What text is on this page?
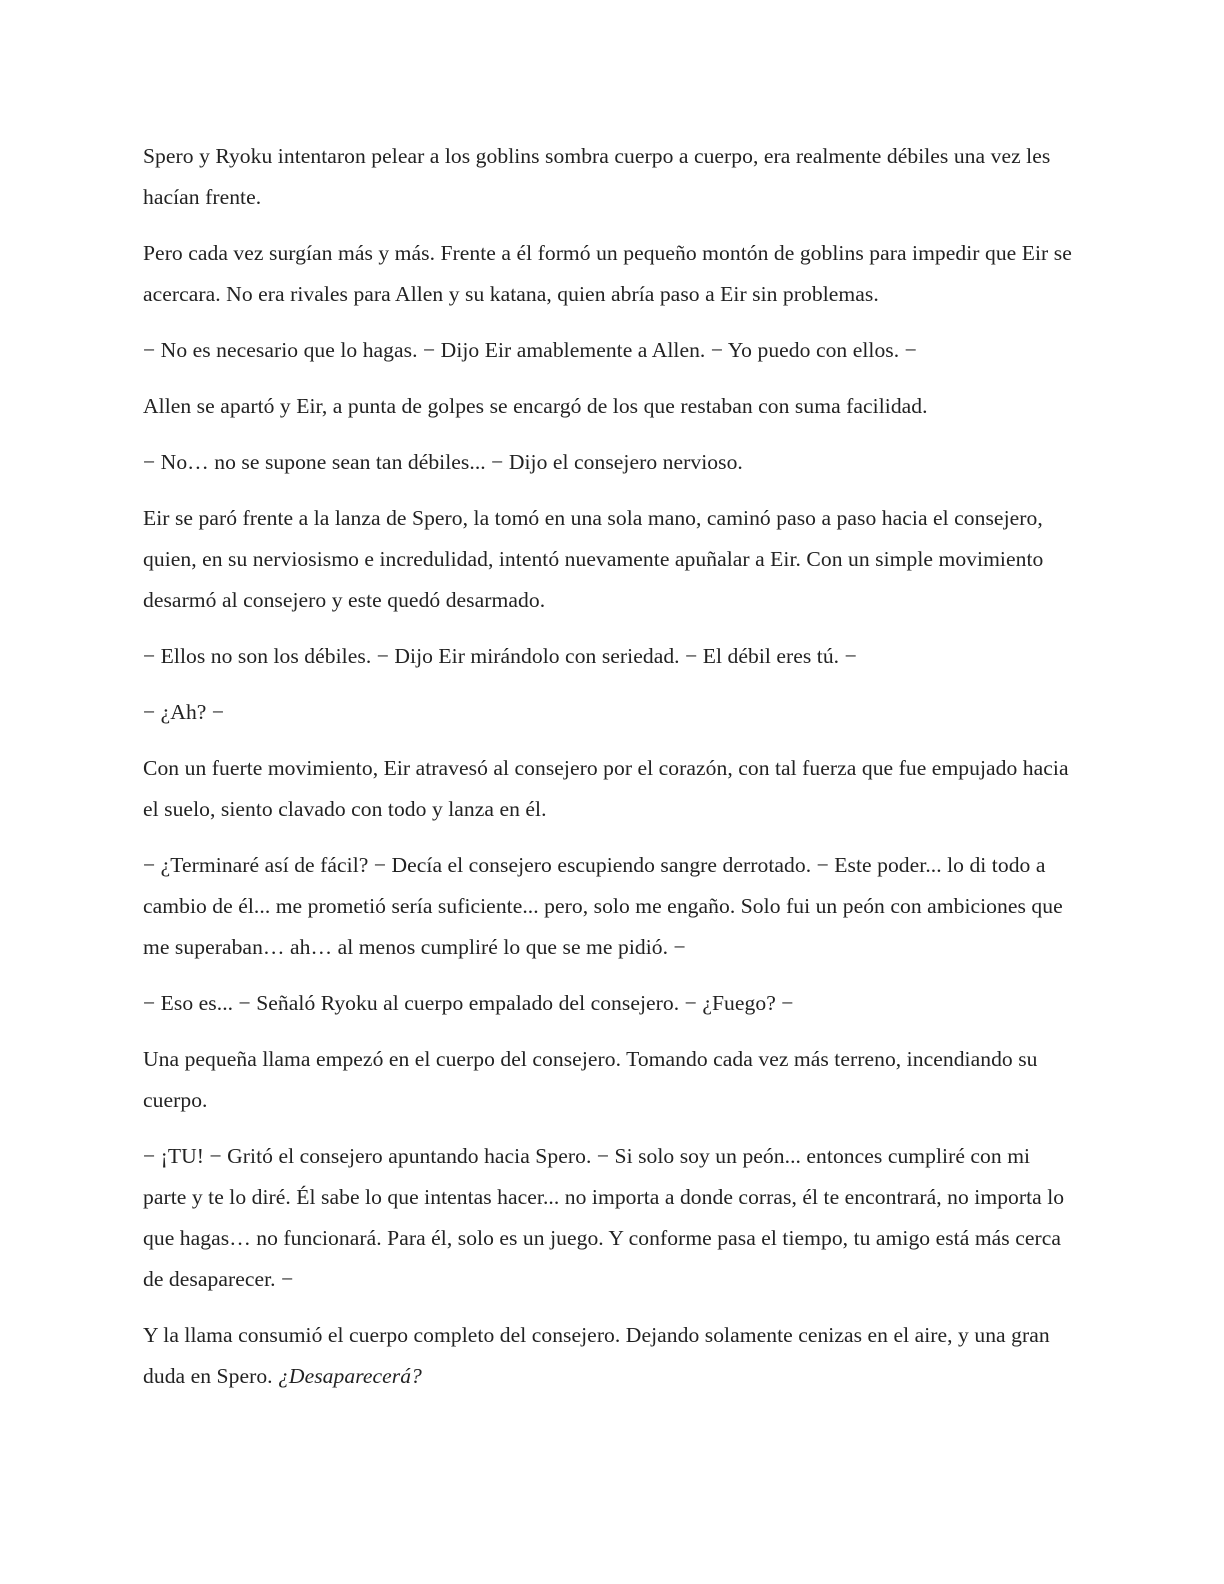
Spero y Ryoku intentaron pelear a los goblins sombra cuerpo a cuerpo, era realmente débiles una vez les hacían frente.

Pero cada vez surgían más y más. Frente a él formó un pequeño montón de goblins para impedir que Eir se acercara. No era rivales para Allen y su katana, quien abría paso a Eir sin problemas.

− No es necesario que lo hagas. − Dijo Eir amablemente a Allen. − Yo puedo con ellos. −

Allen se apartó y Eir, a punta de golpes se encargó de los que restaban con suma facilidad.

− No… no se supone sean tan débiles... − Dijo el consejero nervioso.

Eir se paró frente a la lanza de Spero, la tomó en una sola mano, caminó paso a paso hacia el consejero, quien, en su nerviosismo e incredulidad, intentó nuevamente apuñalar a Eir. Con un simple movimiento desarmó al consejero y este quedó desarmado.

− Ellos no son los débiles. − Dijo Eir mirándolo con seriedad. − El débil eres tú. −

− ¿Ah? −

Con un fuerte movimiento, Eir atravesó al consejero por el corazón, con tal fuerza que fue empujado hacia el suelo, siento clavado con todo y lanza en él.

− ¿Terminaré así de fácil? − Decía el consejero escupiendo sangre derrotado. − Este poder... lo di todo a cambio de él... me prometió sería suficiente... pero, solo me engaño. Solo fui un peón con ambiciones que me superaban… ah… al menos cumpliré lo que se me pidió. −

− Eso es... − Señaló Ryoku al cuerpo empalado del consejero. − ¿Fuego? −

Una pequeña llama empezó en el cuerpo del consejero. Tomando cada vez más terreno, incendiando su cuerpo.

− ¡TU! − Gritó el consejero apuntando hacia Spero. − Si solo soy un peón... entonces cumpliré con mi parte y te lo diré. Él sabe lo que intentas hacer... no importa a donde corras, él te encontrará, no importa lo que hagas… no funcionará. Para él, solo es un juego. Y conforme pasa el tiempo, tu amigo está más cerca de desaparecer. −

Y la llama consumió el cuerpo completo del consejero. Dejando solamente cenizas en el aire, y una gran duda en Spero. ¿Desaparecerá?
